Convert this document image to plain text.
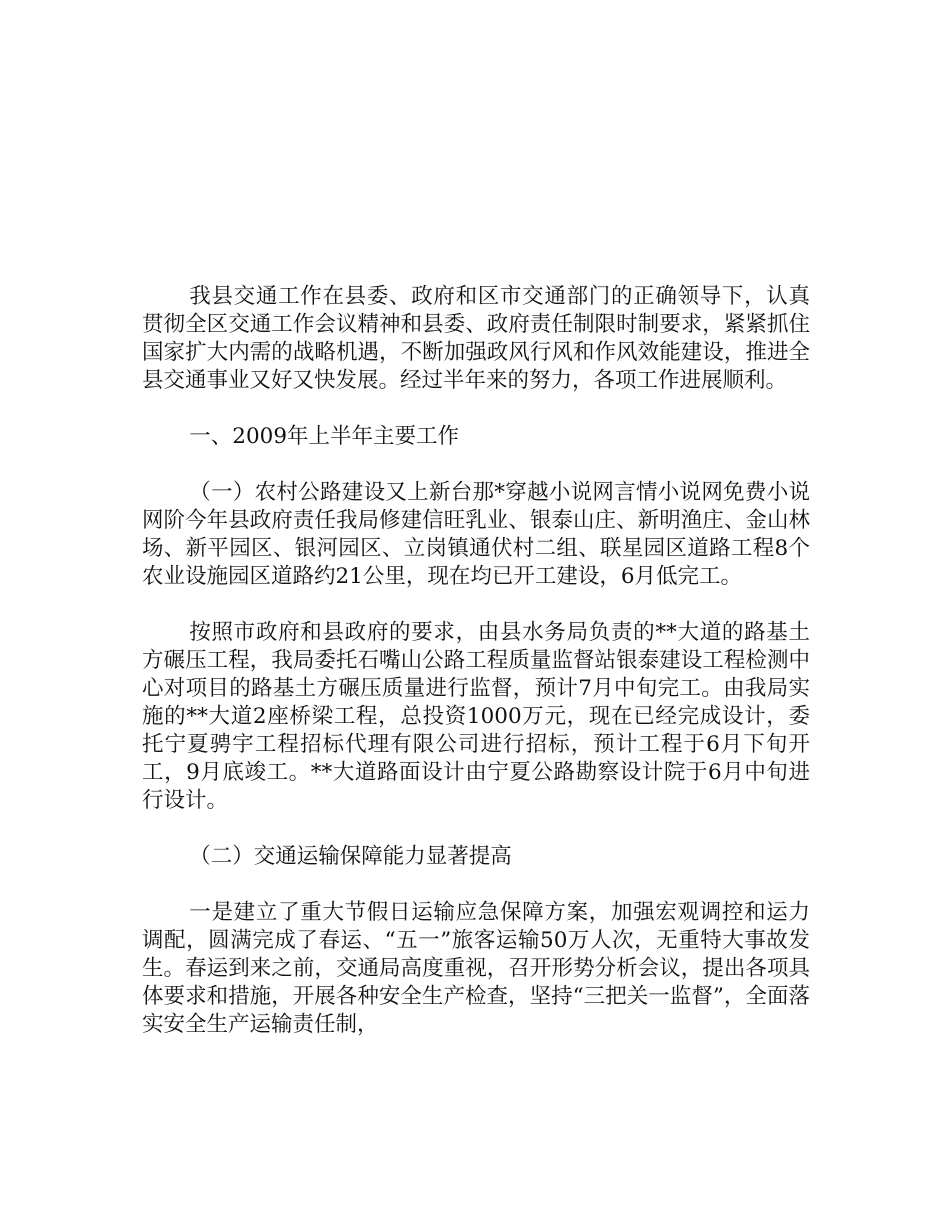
我县交通工作在县委、政府和区市交通部门的正确领导下，认真贯彻全区交通工作会议精神和县委、政府责任制限时制要求，紧紧抓住国家扩大内需的战略机遇，不断加强政风行风和作风效能建设，推进全县交通事业又好又快发展。经过半年来的努力，各项工作进展顺利。

一、2009年上半年主要工作

（一）农村公路建设又上新台那*穿越小说网言情小说网免费小说网阶今年县政府责任我局修建信旺乳业、银泰山庄、新明渔庄、金山林场、新平园区、银河园区、立岗镇通伏村二组、联星园区道路工程8个农业设施园区道路约21公里，现在均已开工建设，6月低完工。

按照市政府和县政府的要求，由县水务局负责的**大道的路基土方碾压工程，我局委托石嘴山公路工程质量监督站银泰建设工程检测中心对项目的路基土方碾压质量进行监督，预计7月中旬完工。由我局实施的**大道2座桥梁工程，总投资1000万元，现在已经完成设计，委托宁夏骋宇工程招标代理有限公司进行招标，预计工程于6月下旬开工，9月底竣工。**大道路面设计由宁夏公路勘察设计院于6月中旬进行设计。

（二）交通运输保障能力显著提高

一是建立了重大节假日运输应急保障方案，加强宏观调控和运力调配，圆满完成了春运、“五一”旅客运输50万人次，无重特大事故发生。春运到来之前，交通局高度重视，召开形势分析会议，提出各项具体要求和措施，开展各种安全生产检查，坚持“三把关一监督”，全面落实安全生产运输责任制，
